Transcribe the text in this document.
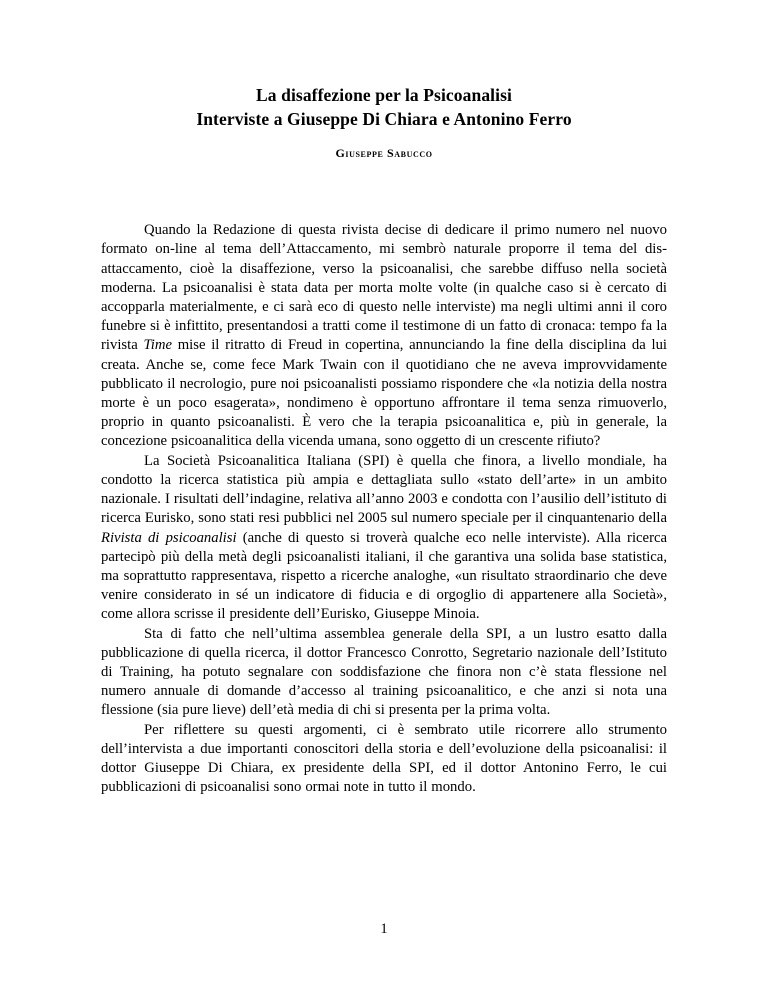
La disaffezione per la Psicoanalisi
Interviste a Giuseppe Di Chiara e Antonino Ferro
Giuseppe Sabucco

Quando la Redazione di questa rivista decise di dedicare il primo numero nel nuovo formato on-line al tema dell’Attaccamento, mi sembrò naturale proporre il tema del dis-attaccamento, cioè la disaffezione, verso la psicoanalisi, che sarebbe diffuso nella società moderna. La psicoanalisi è stata data per morta molte volte (in qualche caso si è cercato di accopparla materialmente, e ci sarà eco di questo nelle interviste) ma negli ultimi anni il coro funebre si è infittito, presentandosi a tratti come il testimone di un fatto di cronaca: tempo fa la rivista Time mise il ritratto di Freud in copertina, annunciando la fine della disciplina da lui creata. Anche se, come fece Mark Twain con il quotidiano che ne aveva improvvidamente pubblicato il necrologio, pure noi psicoanalisti possiamo rispondere che «la notizia della nostra morte è un poco esagerata», nondimeno è opportuno affrontare il tema senza rimuoverlo, proprio in quanto psicoanalisti. È vero che la terapia psicoanalitica e, più in generale, la concezione psicoanalitica della vicenda umana, sono oggetto di un crescente rifiuto?

La Società Psicoanalitica Italiana (SPI) è quella che finora, a livello mondiale, ha condotto la ricerca statistica più ampia e dettagliata sullo «stato dell’arte» in un ambito nazionale. I risultati dell’indagine, relativa all’anno 2003 e condotta con l’ausilio dell’istituto di ricerca Eurisko, sono stati resi pubblici nel 2005 sul numero speciale per il cinquantenario della Rivista di psicoanalisi (anche di questo si troverà qualche eco nelle interviste). Alla ricerca partecipò più della metà degli psicoanalisti italiani, il che garantiva una solida base statistica, ma soprattutto rappresentava, rispetto a ricerche analoghe, «un risultato straordinario che deve venire considerato in sé un indicatore di fiducia e di orgoglio di appartenere alla Società», come allora scrisse il presidente dell’Eurisko, Giuseppe Minoia.

Sta di fatto che nell’ultima assemblea generale della SPI, a un lustro esatto dalla pubblicazione di quella ricerca, il dottor Francesco Conrotto, Segretario nazionale dell’Istituto di Training, ha potuto segnalare con soddisfazione che finora non c’è stata flessione nel numero annuale di domande d’accesso al training psicoanalitico, e che anzi si nota una flessione (sia pure lieve) dell’età media di chi si presenta per la prima volta.

Per riflettere su questi argomenti, ci è sembrato utile ricorrere allo strumento dell’intervista a due importanti conoscitori della storia e dell’evoluzione della psicoanalisi: il dottor Giuseppe Di Chiara, ex presidente della SPI, ed il dottor Antonino Ferro, le cui pubblicazioni di psicoanalisi sono ormai note in tutto il mondo.

1
